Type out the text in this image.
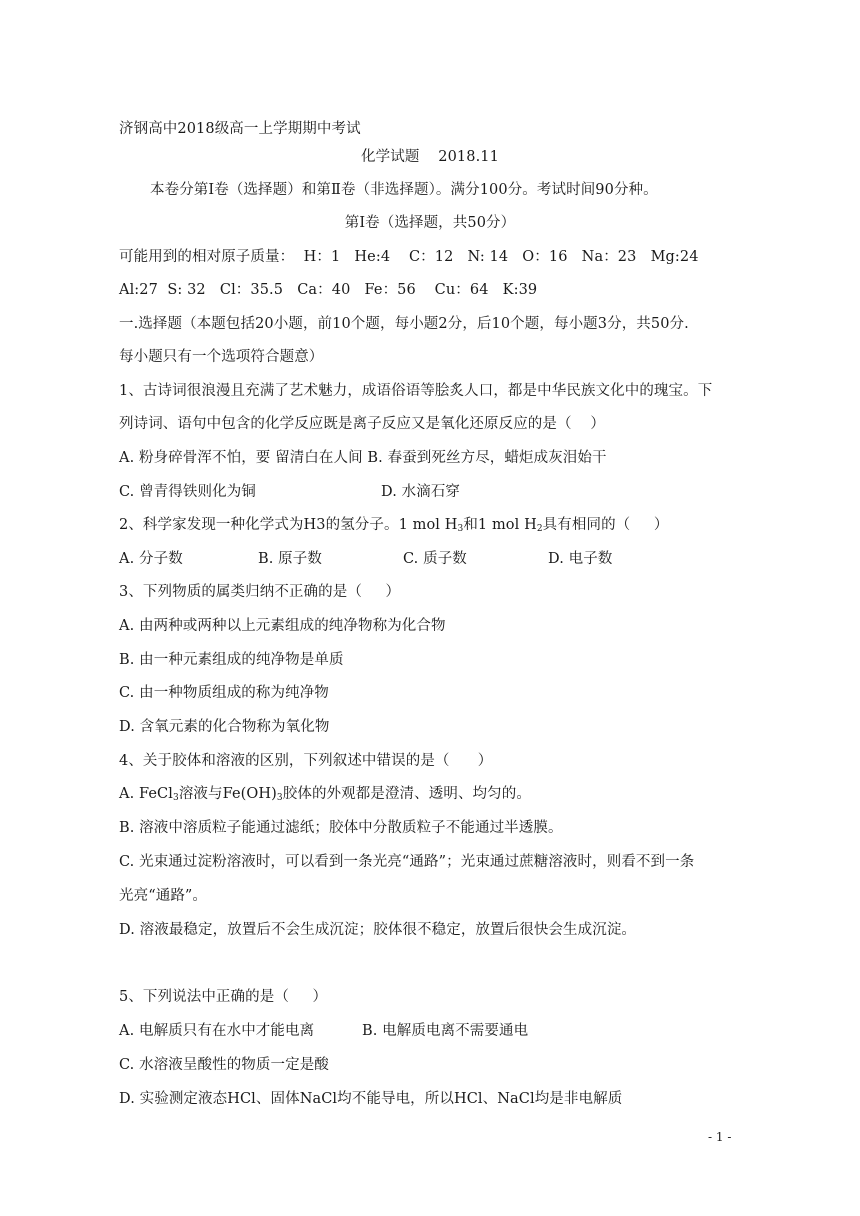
济钢高中2018级高一上学期期中考试
化学试题    2018.11
本卷分第Ⅰ卷（选择题）和第Ⅱ卷（非选择题）。满分100分。考试时间90分种。
第Ⅰ卷（选择题，共50分）
可能用到的相对原子质量：  H：1   He:4    C：12   N: 14   O：16   Na：23   Mg:24
Al:27  S: 32   Cl：35.5   Ca：40   Fe：56    Cu：64   K:39
一.选择题（本题包括20小题，前10个题，每小题2分，后10个题，每小题3分，共50分.
每小题只有一个选项符合题意）
1、古诗词很浪漫且充满了艺术魅力，成语俗语等脍炙人口，都是中华民族文化中的瑰宝。下
列诗词、语句中包含的化学反应既是离子反应又是氧化还原反应的是（    ）
A. 粉身碎骨浑不怕，要 留清白在人间 B. 春蚕到死丝方尽，蜡炬成灰泪始干
C. 曾青得铁则化为铜	D. 水滴石穿
2、科学家发现一种化学式为H3的氢分子。1 mol $H_3$和1 mol $H_2$具有相同的（     ）
A. 分子数	B. 原子数	C. 质子数	D. 电子数
3、下列物质的属类归纳不正确的是（     ）
A. 由两种或两种以上元素组成的纯净物称为化合物
B. 由一种元素组成的纯净物是单质
C. 由一种物质组成的称为纯净物
D. 含氧元素的化合物称为氧化物
4、关于胶体和溶液的区别，下列叙述中错误的是（      ）
A. FeCl$_3$溶液与$Fe(OH)_3$胶体的外观都是澄清、透明、均匀的。
B. 溶液中溶质粒子能通过滤纸；胶体中分散质粒子不能通过半透膜。
C. 光束通过淀粉溶液时，可以看到一条光亮“通路”；光束通过蔗糖溶液时，则看不到一条
光亮“通路”。
D. 溶液最稳定，放置后不会生成沉淀；胶体很不稳定，放置后很快会生成沉淀。
5、下列说法中正确的是（     ）
A. 电解质只有在水中才能电离	B. 电解质电离不需要通电
C. 水溶液呈酸性的物质一定是酸
D. 实验测定液态HCl、固体NaCl均不能导电，所以HCl、NaCl均是非电解质
- 1 -
